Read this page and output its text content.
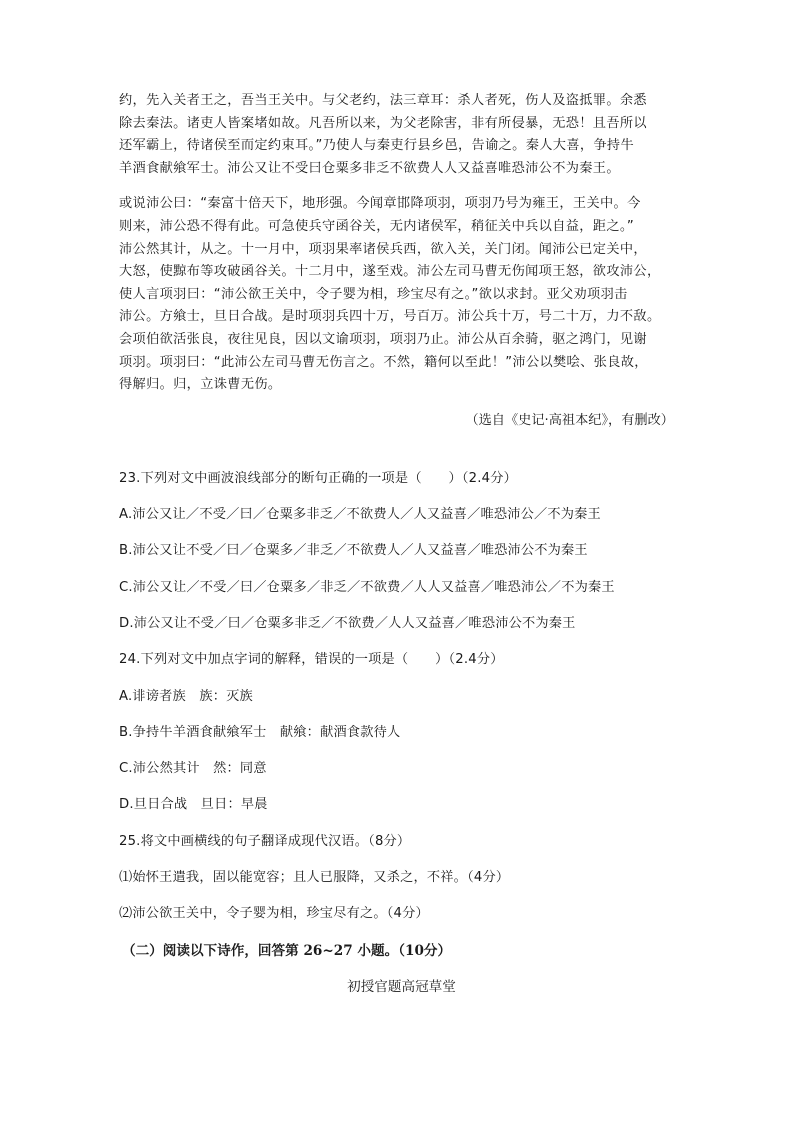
约，先入关者王之，吾当王关中。与父老约，法三章耳：杀人者死，伤人及盗抵罪。余悉
除去秦法。诸吏人皆案堵如故。凡吾所以来，为父老除害，非有所侵暴，无恐！且吾所以
还军霸上，待诸侯至而定约束耳。”乃使人与秦吏行县乡邑，告谕之。秦人大喜，争持牛
羊酒食献飨军士。沛公又让不受曰仓粟多非乏不欲费人人又益喜唯恐沛公不为秦王。
或说沛公曰：“秦富十倍天下，地形强。今闻章邯降项羽，项羽乃号为雍王，王关中。今
则来，沛公恐不得有此。可急使兵守函谷关，无内诸侯军，稍征关中兵以自益，距之。”
沛公然其计，从之。十一月中，项羽果率诸侯兵西，欲入关，关门闭。闻沛公已定关中，
大怒，使黥布等攻破函谷关。十二月中，遂至戏。沛公左司马曹无伤闻项王怒，欲攻沛公，
使人言项羽曰：“沛公欲王关中，令子婴为相，珍宝尽有之。”欲以求封。亚父劝项羽击
沛公。方飨士，旦日合战。是时项羽兵四十万，号百万。沛公兵十万，号二十万，力不敌。
会项伯欲活张良，夜往见良，因以文谕项羽，项羽乃止。沛公从百余骑，驱之鸿门，见谢
项羽。项羽曰：“此沛公左司马曹无伤言之。不然，籍何以至此！”沛公以樊哙、张良故，
得解归。归，立诛曹无伤。
（选自《史记·高祖本纪》，有删改）
23.下列对文中画波浪线部分的断句正确的一项是（　　）（2.4分）
A.沛公又让／不受／曰／仓粟多非乏／不欲费人／人又益喜／唯恐沛公／不为秦王
B.沛公又让不受／曰／仓粟多／非乏／不欲费人／人又益喜／唯恐沛公不为秦王
C.沛公又让／不受／曰／仓粟多／非乏／不欲费／人人又益喜／唯恐沛公／不为秦王
D.沛公又让不受／曰／仓粟多非乏／不欲费／人人又益喜／唯恐沛公不为秦王
24.下列对文中加点字词的解释，错误的一项是（　　）（2.4分）
A.诽谤者族　族：灭族
B.争持牛羊酒食献飨军士　献飨：献酒食款待人
C.沛公然其计　然：同意
D.旦日合战　旦日：早晨
25.将文中画横线的句子翻译成现代汉语。（8分）
⑴始怀王遣我，固以能宽容；且人已服降，又杀之，不祥。（4分）
⑵沛公欲王关中，令子婴为相，珍宝尽有之。（4分）
（二）阅读以下诗作，回答第 26~27 小题。（10分）
初授官题高冠草堂
